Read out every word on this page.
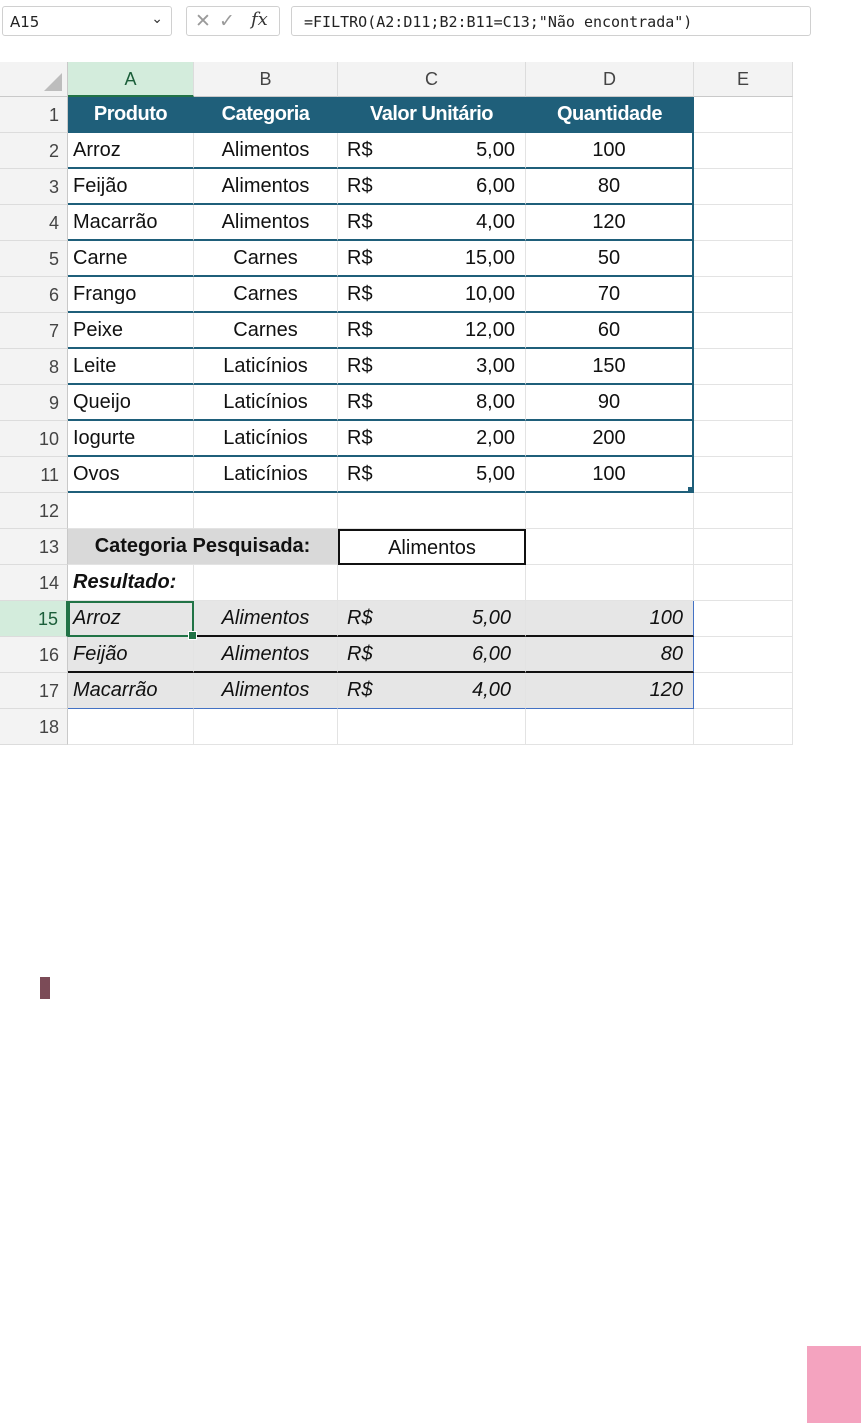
A15	⌄ ✕ ✓ fx	=FILTRO(A2:D11;B2:B11=C13;"Não encontrada")
A	B	C	D	E
1
2
3
4
5
6
7
8
9
10
11
12
13
14
15
16
17
18
Produto	Categoria	Valor Unitário	Quantidade
Arroz	Alimentos	R$	5,00	100
Feijão	Alimentos	R$	6,00	80
Macarrão	Alimentos	R$	4,00	120
Carne	Carnes	R$	15,00	50
Frango	Carnes	R$	10,00	70
Peixe	Carnes	R$	12,00	60
Leite	Laticínios	R$	3,00	150
Queijo	Laticínios	R$	8,00	90
Iogurte	Laticínios	R$	2,00	200
Ovos	Laticínios	R$	5,00	100
Categoria Pesquisada:	Alimentos
Resultado:
Arroz	Alimentos	R$	5,00	100
Feijão	Alimentos	R$	6,00	80
Macarrão	Alimentos	R$	4,00	120
